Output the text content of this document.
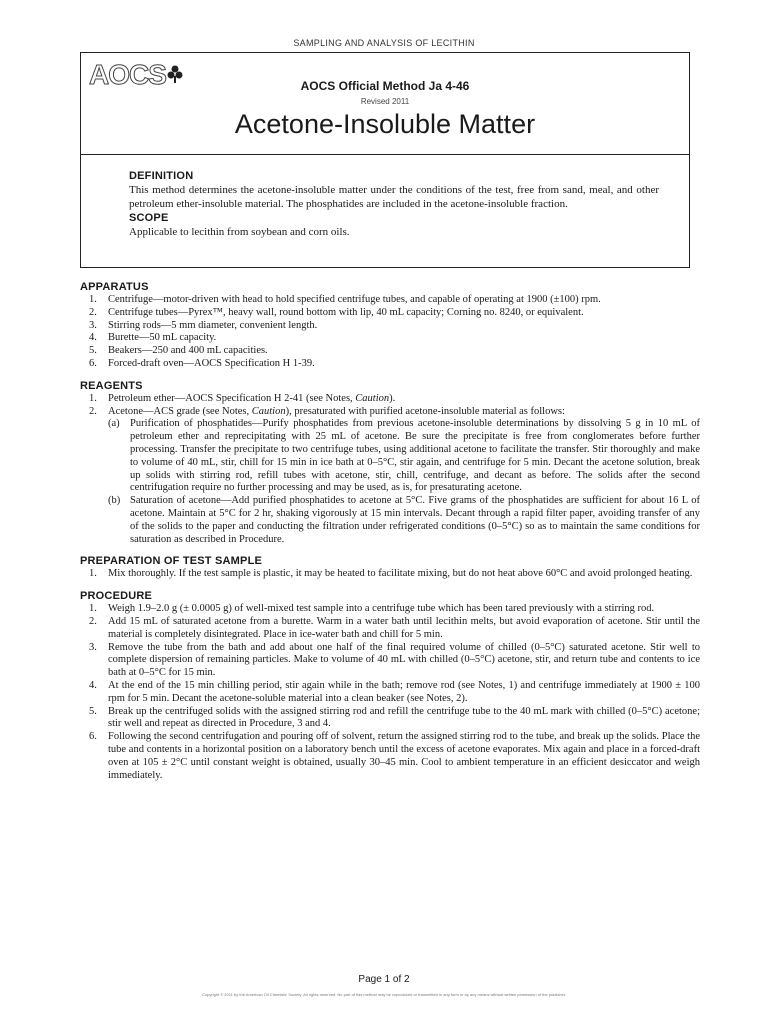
SAMPLING AND ANALYSIS OF LECITHIN
AOCS	AOCS Official Method Ja 4-46
Revised 2011
Acetone-Insoluble Matter

DEFINITION

This method determines the acetone-insoluble matter under the conditions of the test, free from sand, meal, and other petroleum ether-insoluble material. The phosphatides are included in the acetone-insoluble fraction.

SCOPE

Applicable to lecithin from soybean and corn oils.

APPARATUS

1. Centrifuge—motor-driven with head to hold specified centrifuge tubes, and capable of operating at 1900 (±100) rpm.
2. Centrifuge tubes—Pyrex™, heavy wall, round bottom with lip, 40 mL capacity; Corning no. 8240, or equivalent.
3. Stirring rods—5 mm diameter, convenient length.
4. Burette—50 mL capacity.
5. Beakers—250 and 400 mL capacities.
6. Forced-draft oven—AOCS Specification H 1-39.

REAGENTS

1. Petroleum ether—AOCS Specification H 2-41 (see Notes, Caution).
2. Acetone—ACS grade (see Notes, Caution), presaturated with purified acetone-insoluble material as follows:
(a) Purification of phosphatides—Purify phosphatides from previous acetone-insoluble determinations by dissolving 5 g in 10 mL of petroleum ether and reprecipitating with 25 mL of acetone. Be sure the precipitate is free from conglomerates before further processing. Transfer the precipitate to two centrifuge tubes, using additional acetone to facilitate the transfer. Stir thoroughly and make to volume of 40 mL, stir, chill for 15 min in ice bath at 0–5°C, stir again, and centrifuge for 5 min. Decant the acetone solution, break up solids with stirring rod, refill tubes with acetone, stir, chill, centrifuge, and decant as before. The solids after the second centrifugation require no further processing and may be used, as is, for presaturating acetone.
(b) Saturation of acetone—Add purified phosphatides to acetone at 5°C. Five grams of the phosphatides are sufficient for about 16 L of acetone. Maintain at 5°C for 2 hr, shaking vigorously at 15 min intervals. Decant through a rapid filter paper, avoiding transfer of any of the solids to the paper and conducting the filtration under refrigerated conditions (0–5°C) so as to maintain the same conditions for saturation as described in Procedure.

PREPARATION OF TEST SAMPLE

1. Mix thoroughly. If the test sample is plastic, it may be heated to facilitate mixing, but do not heat above 60°C and avoid prolonged heating.

PROCEDURE

1. Weigh 1.9–2.0 g (± 0.0005 g) of well-mixed test sample into a centrifuge tube which has been tared previously with a stirring rod.
2. Add 15 mL of saturated acetone from a burette. Warm in a water bath until lecithin melts, but avoid evaporation of acetone. Stir until the material is completely disintegrated. Place in ice-water bath and chill for 5 min.
3. Remove the tube from the bath and add about one half of the final required volume of chilled (0–5°C) saturated acetone. Stir well to complete dispersion of remaining particles. Make to volume of 40 mL with chilled (0–5°C) acetone, stir, and return tube and contents to ice bath at 0–5°C for 15 min.
4. At the end of the 15 min chilling period, stir again while in the bath; remove rod (see Notes, 1) and centrifuge immediately at 1900 ± 100 rpm for 5 min. Decant the acetone-soluble material into a clean beaker (see Notes, 2).
5. Break up the centrifuged solids with the assigned stirring rod and refill the centrifuge tube to the 40 mL mark with chilled (0–5°C) acetone; stir well and repeat as directed in Procedure, 3 and 4.
6. Following the second centrifugation and pouring off of solvent, return the assigned stirring rod to the tube, and break up the solids. Place the tube and contents in a horizontal position on a laboratory bench until the excess of acetone evaporates. Mix again and place in a forced-draft oven at 105 ± 2°C until constant weight is obtained, usually 30–45 min. Cool to ambient temperature in an efficient desiccator and weigh immediately.
Page 1 of 2
Copyright © 2011 by the American Oil Chemists' Society. All rights reserved. No part of this method may be reproduced or transmitted in any form or by any means without written permission of the publisher.
